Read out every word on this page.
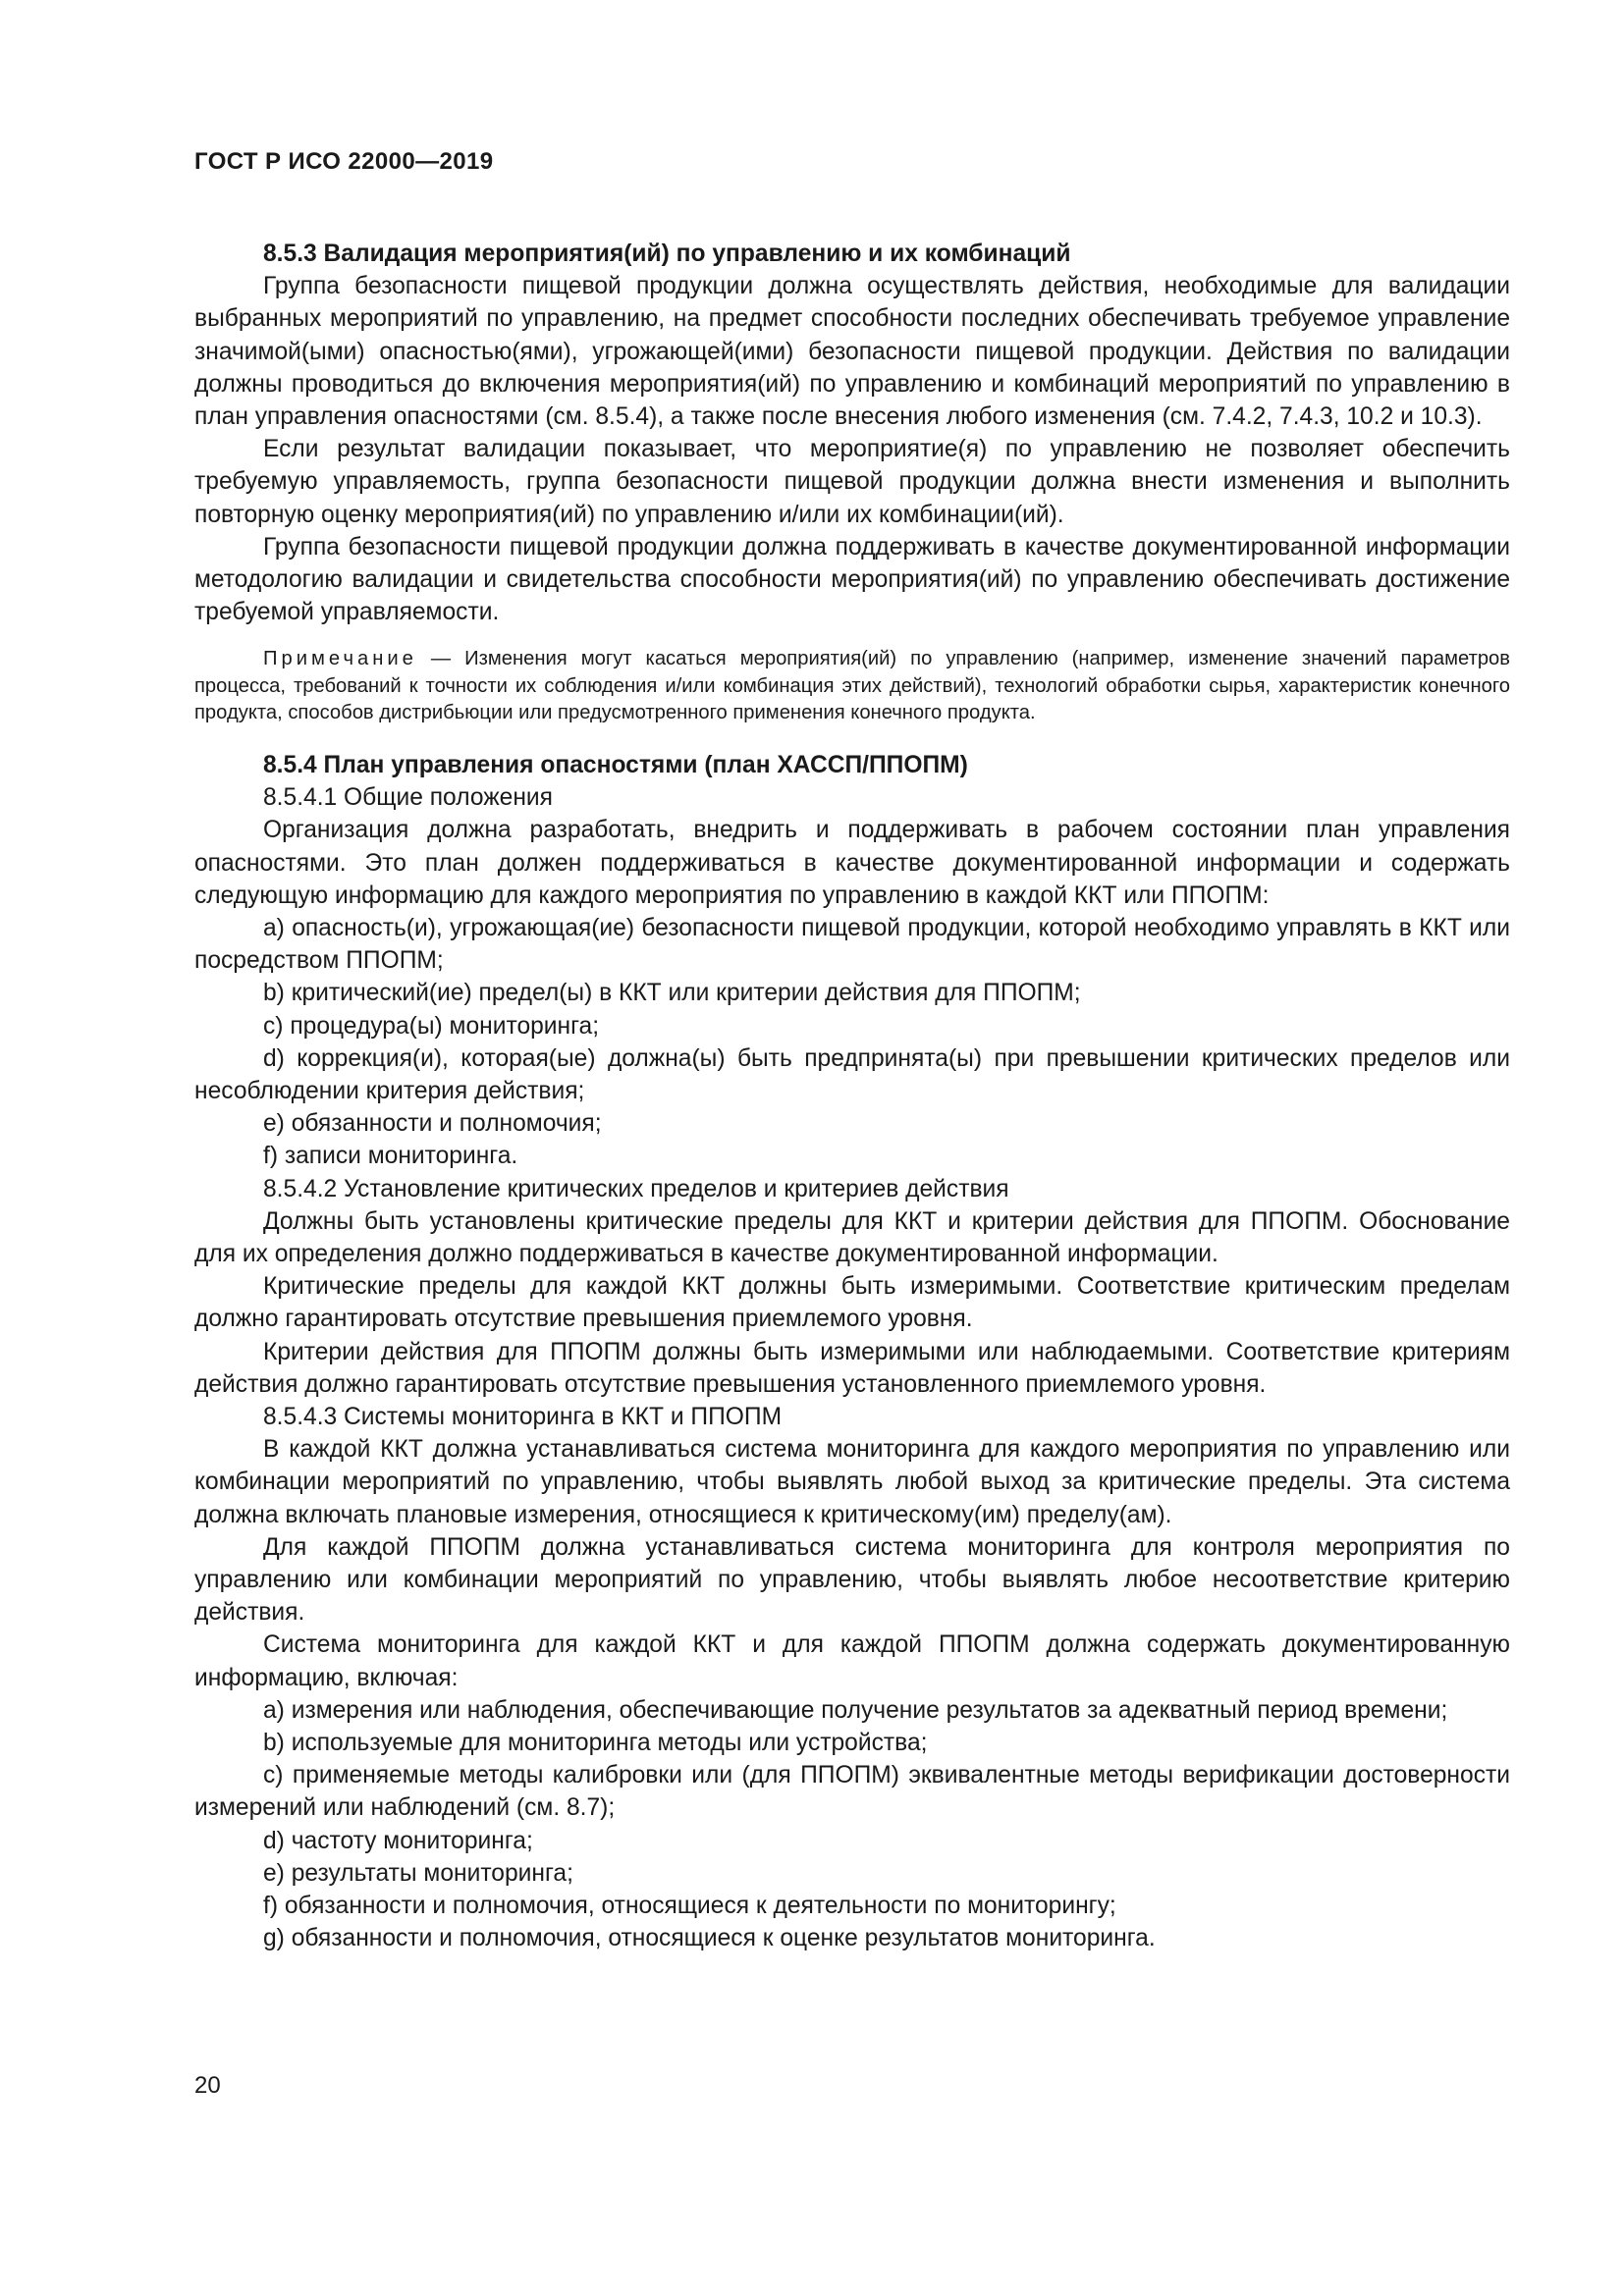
ГОСТ Р ИСО 22000—2019

8.5.3 Валидация мероприятия(ий) по управлению и их комбинаций

Группа безопасности пищевой продукции должна осуществлять действия, необходимые для валидации выбранных мероприятий по управлению, на предмет способности последних обеспечивать требуемое управление значимой(ыми) опасностью(ями), угрожающей(ими) безопасности пищевой продукции. Действия по валидации должны проводиться до включения мероприятия(ий) по управлению и комбинаций мероприятий по управлению в план управления опасностями (см. 8.5.4), а также после внесения любого изменения (см. 7.4.2, 7.4.3, 10.2 и 10.3).

Если результат валидации показывает, что мероприятие(я) по управлению не позволяет обеспечить требуемую управляемость, группа безопасности пищевой продукции должна внести изменения и выполнить повторную оценку мероприятия(ий) по управлению и/или их комбинации(ий).

Группа безопасности пищевой продукции должна поддерживать в качестве документированной информации методологию валидации и свидетельства способности мероприятия(ий) по управлению обеспечивать достижение требуемой управляемости.

Примечание — Изменения могут касаться мероприятия(ий) по управлению (например, изменение значений параметров процесса, требований к точности их соблюдения и/или комбинация этих действий), технологий обработки сырья, характеристик конечного продукта, способов дистрибьюции или предусмотренного применения конечного продукта.

8.5.4 План управления опасностями (план ХАССП/ППОПМ)

8.5.4.1 Общие положения

Организация должна разработать, внедрить и поддерживать в рабочем состоянии план управления опасностями. Это план должен поддерживаться в качестве документированной информации и содержать следующую информацию для каждого мероприятия по управлению в каждой ККТ или ППОПМ:

а) опасность(и), угрожающая(ие) безопасности пищевой продукции, которой необходимо управлять в ККТ или посредством ППОПМ;

b) критический(ие) предел(ы) в ККТ или критерии действия для ППОПМ;

c) процедура(ы) мониторинга;

d) коррекция(и), которая(ые) должна(ы) быть предпринята(ы) при превышении критических пределов или несоблюдении критерия действия;

e) обязанности и полномочия;

f) записи мониторинга.

8.5.4.2 Установление критических пределов и критериев действия

Должны быть установлены критические пределы для ККТ и критерии действия для ППОПМ. Обоснование для их определения должно поддерживаться в качестве документированной информации.

Критические пределы для каждой ККТ должны быть измеримыми. Соответствие критическим пределам должно гарантировать отсутствие превышения приемлемого уровня.

Критерии действия для ППОПМ должны быть измеримыми или наблюдаемыми. Соответствие критериям действия должно гарантировать отсутствие превышения установленного приемлемого уровня.

8.5.4.3 Системы мониторинга в ККТ и ППОПМ

В каждой ККТ должна устанавливаться система мониторинга для каждого мероприятия по управлению или комбинации мероприятий по управлению, чтобы выявлять любой выход за критические пределы. Эта система должна включать плановые измерения, относящиеся к критическому(им) пределу(ам).

Для каждой ППОПМ должна устанавливаться система мониторинга для контроля мероприятия по управлению или комбинации мероприятий по управлению, чтобы выявлять любое несоответствие критерию действия.

Система мониторинга для каждой ККТ и для каждой ППОПМ должна содержать документированную информацию, включая:

а) измерения или наблюдения, обеспечивающие получение результатов за адекватный период времени;

b) используемые для мониторинга методы или устройства;

c) применяемые методы калибровки или (для ППОПМ) эквивалентные методы верификации достоверности измерений или наблюдений (см. 8.7);

d) частоту мониторинга;

e) результаты мониторинга;

f) обязанности и полномочия, относящиеся к деятельности по мониторингу;

g) обязанности и полномочия, относящиеся к оценке результатов мониторинга.

20
